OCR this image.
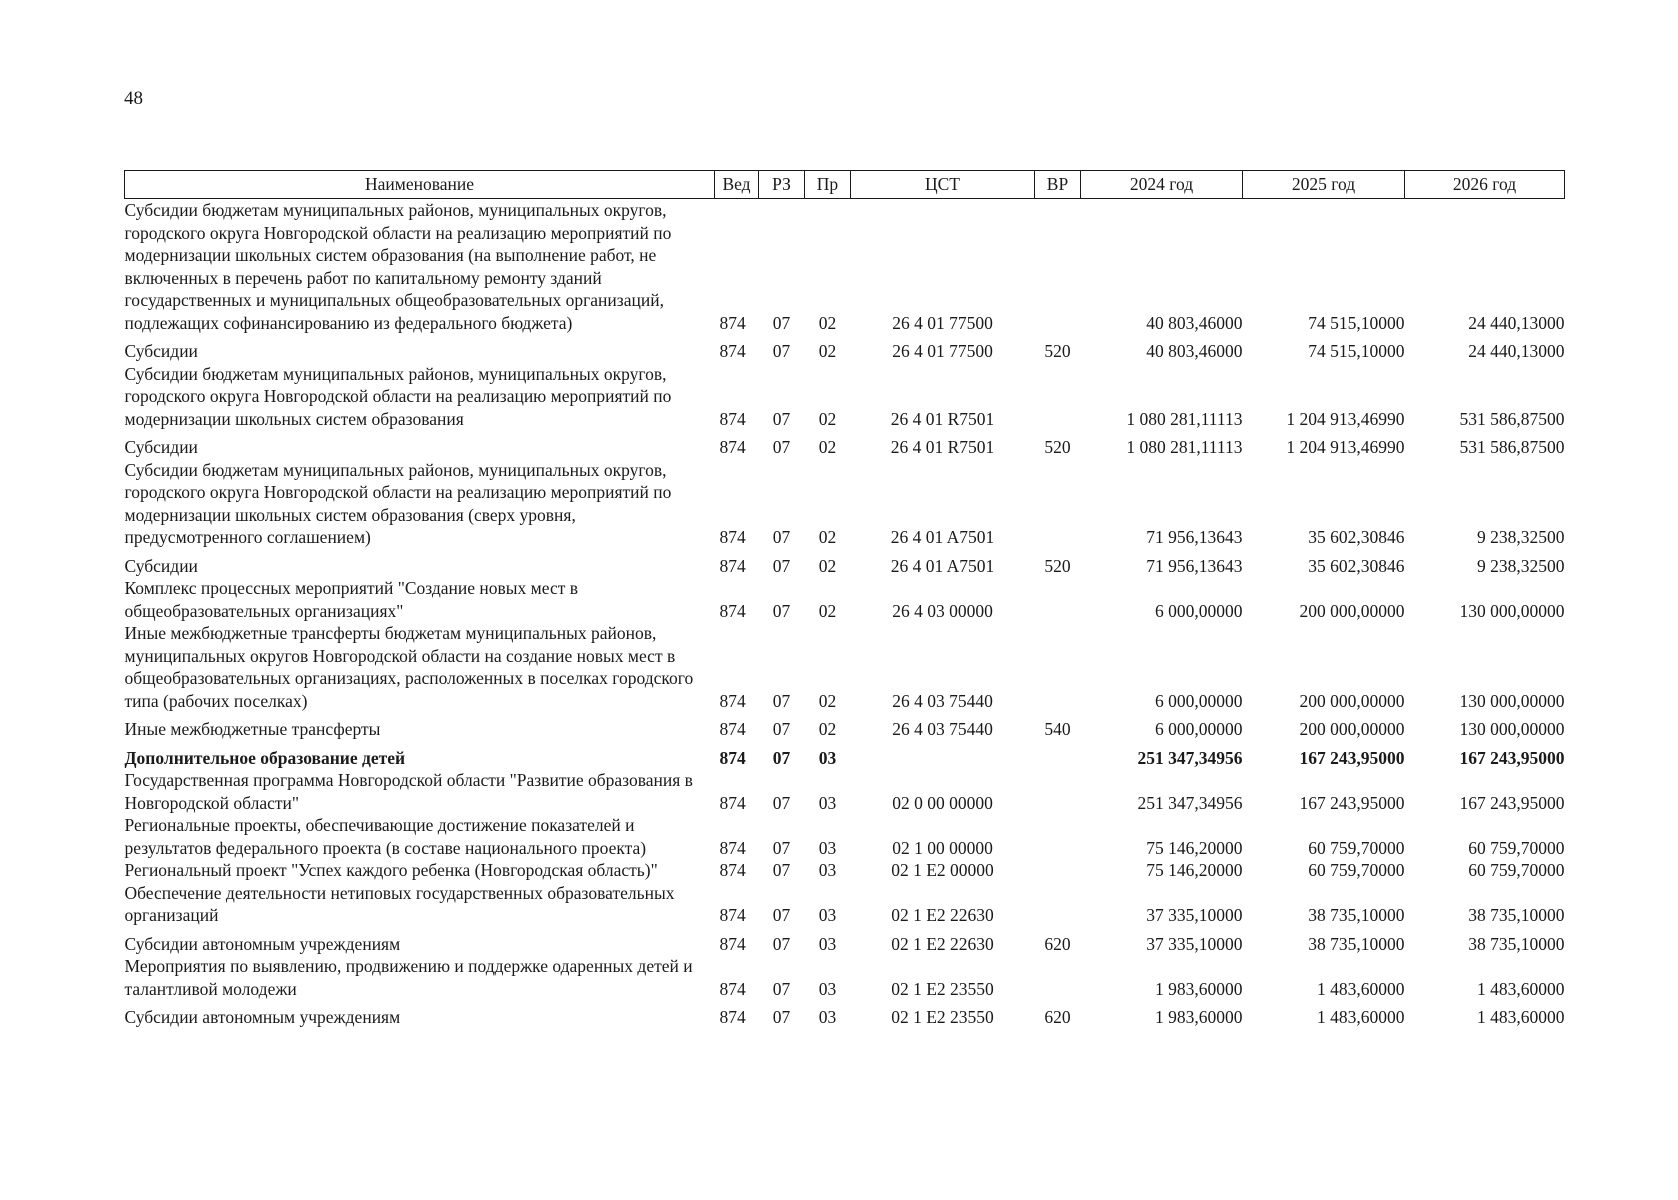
48
Наименование	Вед	РЗ	Пр	ЦСТ	ВР	2024 год	2025 год	2026 год
Субсидии бюджетам муниципальных районов, муниципальных округов, городского округа Новгородской области на реализацию мероприятий по модернизации школьных систем образования (на выполнение работ, не включенных в перечень работ по капитальному ремонту зданий государственных и муниципальных общеобразовательных организаций, подлежащих софинансированию из федерального бюджета)	874	07	02	26 4 01 77500		40 803,46000	74 515,10000	24 440,13000
Субсидии	874	07	02	26 4 01 77500	520	40 803,46000	74 515,10000	24 440,13000
Субсидии бюджетам муниципальных районов, муниципальных округов, городского округа Новгородской области на реализацию мероприятий по модернизации школьных систем образования	874	07	02	26 4 01 R7501		1 080 281,11113	1 204 913,46990	531 586,87500
Субсидии	874	07	02	26 4 01 R7501	520	1 080 281,11113	1 204 913,46990	531 586,87500
Субсидии бюджетам муниципальных районов, муниципальных округов, городского округа Новгородской области на реализацию мероприятий по модернизации школьных систем образования (сверх уровня, предусмотренного соглашением)	874	07	02	26 4 01 A7501		71 956,13643	35 602,30846	9 238,32500
Субсидии	874	07	02	26 4 01 A7501	520	71 956,13643	35 602,30846	9 238,32500
Комплекс процессных мероприятий "Создание новых мест в общеобразовательных организациях"	874	07	02	26 4 03 00000		6 000,00000	200 000,00000	130 000,00000
Иные межбюджетные трансферты бюджетам муниципальных районов, муниципальных округов Новгородской области на создание новых мест в общеобразовательных организациях, расположенных в поселках городского типа (рабочих поселках)	874	07	02	26 4 03 75440		6 000,00000	200 000,00000	130 000,00000
Иные межбюджетные трансферты	874	07	02	26 4 03 75440	540	6 000,00000	200 000,00000	130 000,00000
Дополнительное образование детей	874	07	03			251 347,34956	167 243,95000	167 243,95000
Государственная программа Новгородской области "Развитие образования в Новгородской области"	874	07	03	02 0 00 00000		251 347,34956	167 243,95000	167 243,95000
Региональные проекты, обеспечивающие достижение показателей и результатов федерального проекта (в составе национального проекта)	874	07	03	02 1 00 00000		75 146,20000	60 759,70000	60 759,70000
Региональный проект "Успех каждого ребенка (Новгородская область)"	874	07	03	02 1 E2 00000		75 146,20000	60 759,70000	60 759,70000
Обеспечение деятельности нетиповых государственных образовательных организаций	874	07	03	02 1 E2 22630		37 335,10000	38 735,10000	38 735,10000
Субсидии автономным учреждениям	874	07	03	02 1 E2 22630	620	37 335,10000	38 735,10000	38 735,10000
Мероприятия по выявлению, продвижению и поддержке одаренных детей и талантливой молодежи	874	07	03	02 1 E2 23550		1 983,60000	1 483,60000	1 483,60000
Субсидии автономным учреждениям	874	07	03	02 1 E2 23550	620	1 983,60000	1 483,60000	1 483,60000
